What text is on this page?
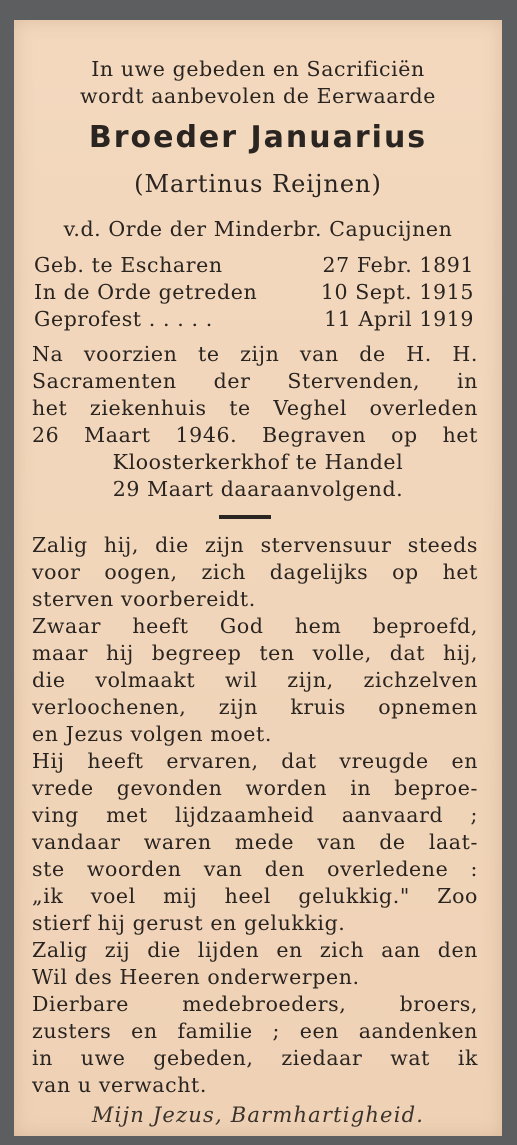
In uwe gebeden en Sacrificiën
wordt aanbevolen de Eerwaarde
Broeder Januarius
(Martinus Reijnen)
v.d. Orde der Minderbr. Capucijnen
Geb. te Escharen	27 Febr. 1891
In de Orde getreden	10 Sept. 1915
Geprofest . . . . .	11 April 1919
Na voorzien te zijn van de H. H.
Sacramenten der Stervenden, in
het ziekenhuis te Veghel overleden
26 Maart 1946. Begraven op het
Kloosterkerkhof te Handel
29 Maart daaraanvolgend.
Zalig hij, die zijn stervensuur steeds
voor oogen, zich dagelijks op het
sterven voorbereidt.
Zwaar heeft God hem beproefd,
maar hij begreep ten volle, dat hij,
die volmaakt wil zijn, zichzelven
verloochenen, zijn kruis opnemen
en Jezus volgen moet.
Hij heeft ervaren, dat vreugde en
vrede gevonden worden in beproe-
ving met lijdzaamheid aanvaard ;
vandaar waren mede van de laat-
ste woorden van den overledene :
„ik voel mij heel gelukkig." Zoo
stierf hij gerust en gelukkig.
Zalig zij die lijden en zich aan den
Wil des Heeren onderwerpen.
Dierbare medebroeders, broers,
zusters en familie ; een aandenken
in uwe gebeden, ziedaar wat ik
van u verwacht.
Mijn Jezus, Barmhartigheid.
